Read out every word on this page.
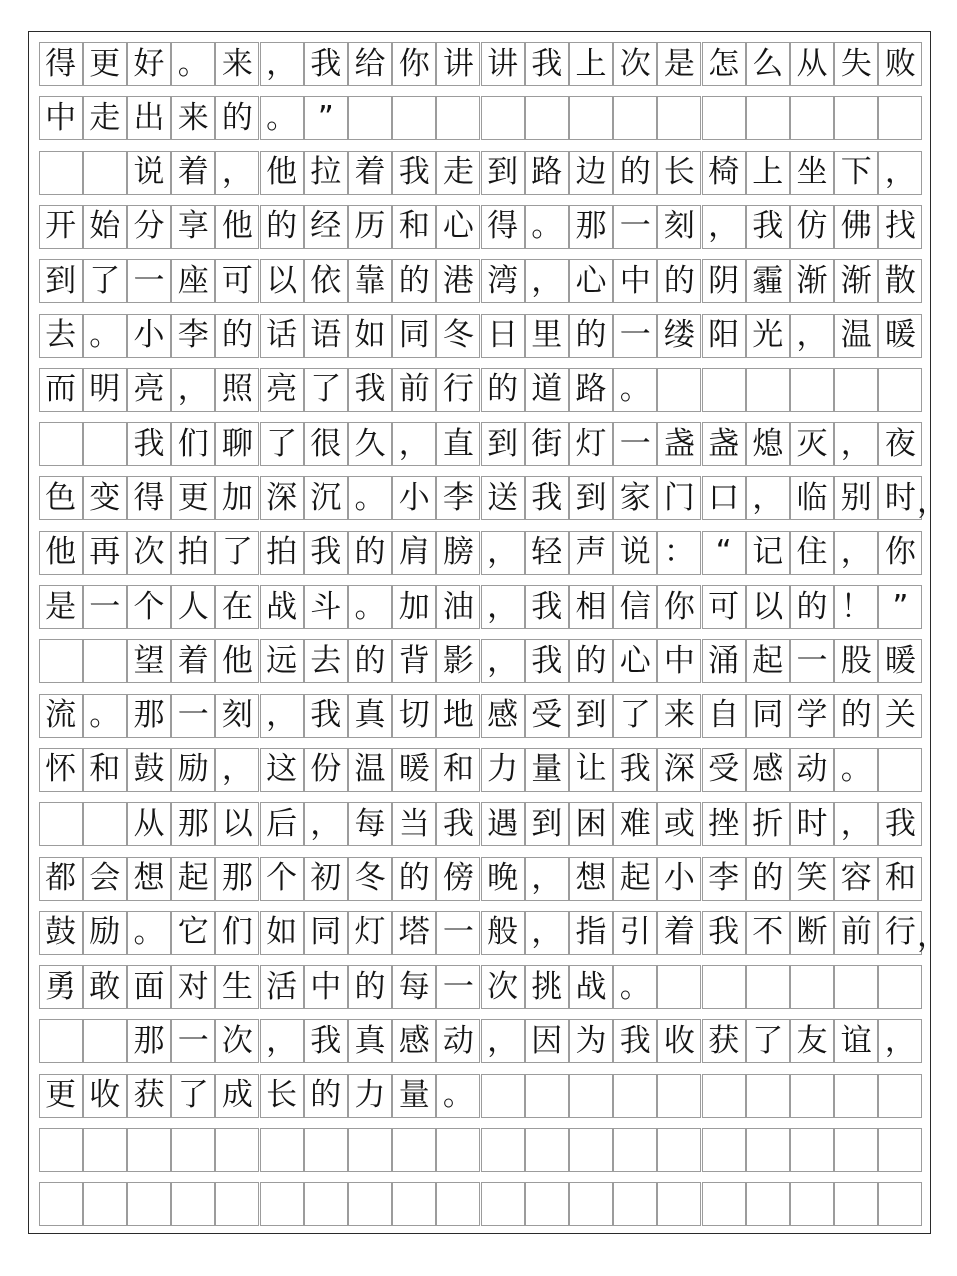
得 更 好 。 来 ， 我 给 你 讲 讲 我 上 次 是 怎 么 从 失 败
中 走 出 来 的 。 ”
说 着 ， 他 拉 着 我 走 到 路 边 的 长 椅 上 坐 下 ，
开 始 分 享 他 的 经 历 和 心 得 。 那 一 刻 ， 我 仿 佛 找
到 了 一 座 可 以 依 靠 的 港 湾 ， 心 中 的 阴 霾 渐 渐 散
去 。 小 李 的 话 语 如 同 冬 日 里 的 一 缕 阳 光 ， 温 暖
而 明 亮 ， 照 亮 了 我 前 行 的 道 路 。
我 们 聊 了 很 久 ， 直 到 街 灯 一 盏 盏 熄 灭 ， 夜
色 变 得 更 加 深 沉 。 小 李 送 我 到 家 门 口 ， 临 别 时 ，
他 再 次 拍 了 拍 我 的 肩 膀 ， 轻 声 说 ： “ 记 住 ， 你
是 一 个 人 在 战 斗 。 加 油 ， 我 相 信 你 可 以 的 ！ ”
望 着 他 远 去 的 背 影 ， 我 的 心 中 涌 起 一 股 暖
流 。 那 一 刻 ， 我 真 切 地 感 受 到 了 来 自 同 学 的 关
怀 和 鼓 励 ， 这 份 温 暖 和 力 量 让 我 深 受 感 动 。
从 那 以 后 ， 每 当 我 遇 到 困 难 或 挫 折 时 ， 我
都 会 想 起 那 个 初 冬 的 傍 晚 ， 想 起 小 李 的 笑 容 和
鼓 励 。 它 们 如 同 灯 塔 一 般 ， 指 引 着 我 不 断 前 行 ，
勇 敢 面 对 生 活 中 的 每 一 次 挑 战 。
那 一 次 ， 我 真 感 动 ， 因 为 我 收 获 了 友 谊 ，
更 收 获 了 成 长 的 力 量 。
